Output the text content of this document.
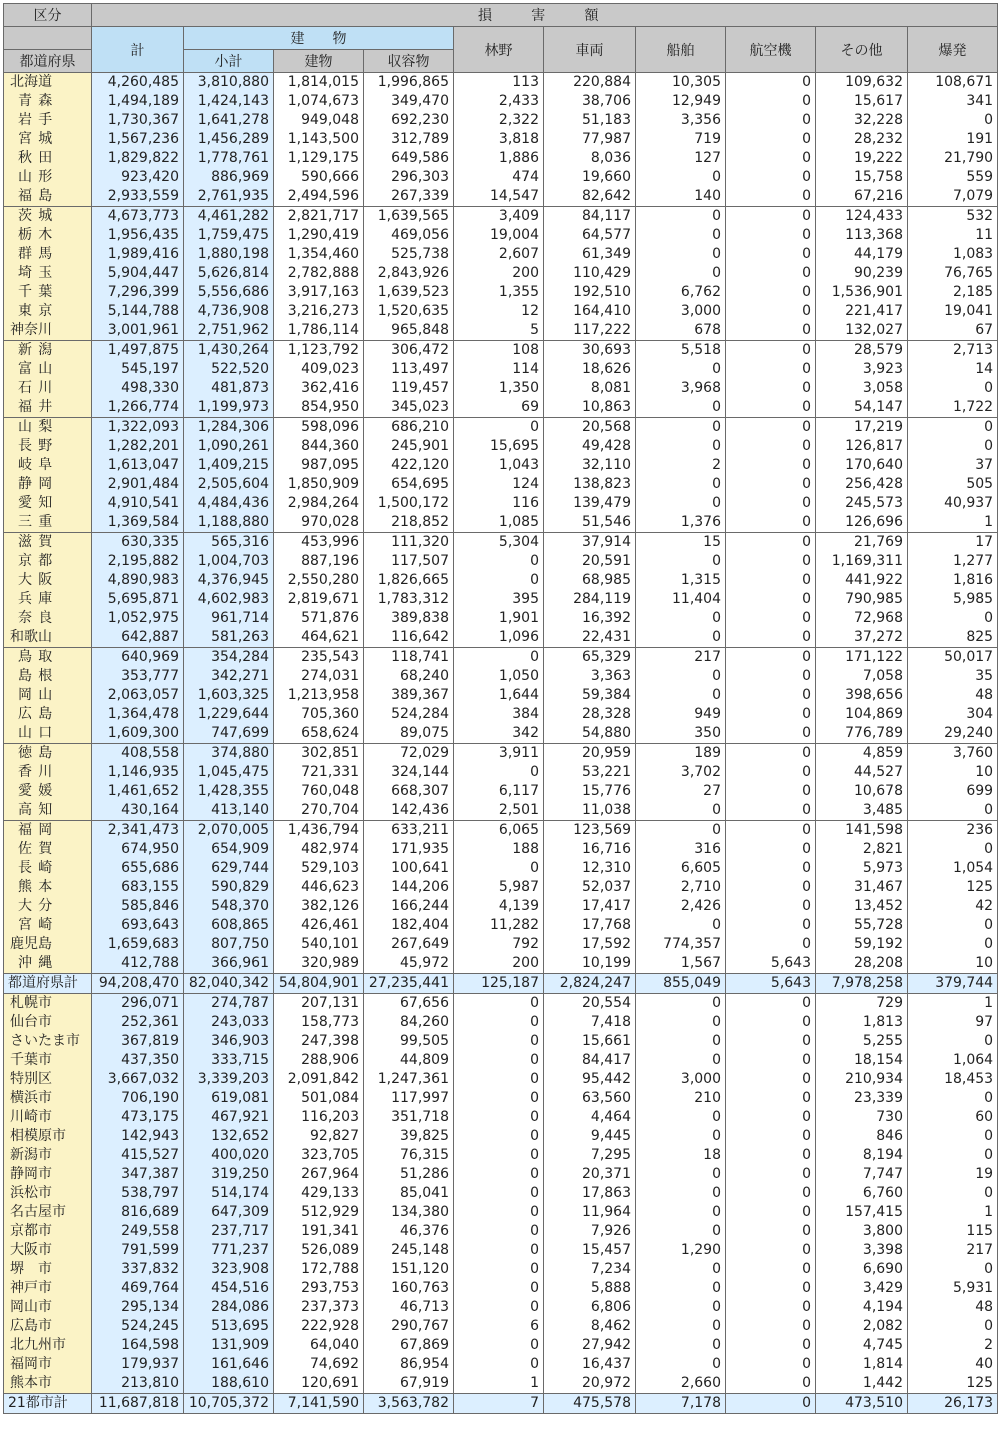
区分	損　害　額									
	計	建　　物			林野	車両	船舶	航空機	その他	爆発
都道府県		小計	建物	収容物						
北海道	4,260,485	3,810,880	1,814,015	1,996,865	113	220,884	10,305	0	109,632	108,671
青森	1,494,189	1,424,143	1,074,673	349,470	2,433	38,706	12,949	0	15,617	341
岩手	1,730,367	1,641,278	949,048	692,230	2,322	51,183	3,356	0	32,228	0
宮城	1,567,236	1,456,289	1,143,500	312,789	3,818	77,987	719	0	28,232	191
秋田	1,829,822	1,778,761	1,129,175	649,586	1,886	8,036	127	0	19,222	21,790
山形	923,420	886,969	590,666	296,303	474	19,660	0	0	15,758	559
福島	2,933,559	2,761,935	2,494,596	267,339	14,547	82,642	140	0	67,216	7,079
茨城	4,673,773	4,461,282	2,821,717	1,639,565	3,409	84,117	0	0	124,433	532
栃木	1,956,435	1,759,475	1,290,419	469,056	19,004	64,577	0	0	113,368	11
群馬	1,989,416	1,880,198	1,354,460	525,738	2,607	61,349	0	0	44,179	1,083
埼玉	5,904,447	5,626,814	2,782,888	2,843,926	200	110,429	0	0	90,239	76,765
千葉	7,296,399	5,556,686	3,917,163	1,639,523	1,355	192,510	6,762	0	1,536,901	2,185
東京	5,144,788	4,736,908	3,216,273	1,520,635	12	164,410	3,000	0	221,417	19,041
神奈川	3,001,961	2,751,962	1,786,114	965,848	5	117,222	678	0	132,027	67
新潟	1,497,875	1,430,264	1,123,792	306,472	108	30,693	5,518	0	28,579	2,713
富山	545,197	522,520	409,023	113,497	114	18,626	0	0	3,923	14
石川	498,330	481,873	362,416	119,457	1,350	8,081	3,968	0	3,058	0
福井	1,266,774	1,199,973	854,950	345,023	69	10,863	0	0	54,147	1,722
山梨	1,322,093	1,284,306	598,096	686,210	0	20,568	0	0	17,219	0
長野	1,282,201	1,090,261	844,360	245,901	15,695	49,428	0	0	126,817	0
岐阜	1,613,047	1,409,215	987,095	422,120	1,043	32,110	2	0	170,640	37
静岡	2,901,484	2,505,604	1,850,909	654,695	124	138,823	0	0	256,428	505
愛知	4,910,541	4,484,436	2,984,264	1,500,172	116	139,479	0	0	245,573	40,937
三重	1,369,584	1,188,880	970,028	218,852	1,085	51,546	1,376	0	126,696	1
滋賀	630,335	565,316	453,996	111,320	5,304	37,914	15	0	21,769	17
京都	2,195,882	1,004,703	887,196	117,507	0	20,591	0	0	1,169,311	1,277
大阪	4,890,983	4,376,945	2,550,280	1,826,665	0	68,985	1,315	0	441,922	1,816
兵庫	5,695,871	4,602,983	2,819,671	1,783,312	395	284,119	11,404	0	790,985	5,985
奈良	1,052,975	961,714	571,876	389,838	1,901	16,392	0	0	72,968	0
和歌山	642,887	581,263	464,621	116,642	1,096	22,431	0	0	37,272	825
鳥取	640,969	354,284	235,543	118,741	0	65,329	217	0	171,122	50,017
島根	353,777	342,271	274,031	68,240	1,050	3,363	0	0	7,058	35
岡山	2,063,057	1,603,325	1,213,958	389,367	1,644	59,384	0	0	398,656	48
広島	1,364,478	1,229,644	705,360	524,284	384	28,328	949	0	104,869	304
山口	1,609,300	747,699	658,624	89,075	342	54,880	350	0	776,789	29,240
徳島	408,558	374,880	302,851	72,029	3,911	20,959	189	0	4,859	3,760
香川	1,146,935	1,045,475	721,331	324,144	0	53,221	3,702	0	44,527	10
愛媛	1,461,652	1,428,355	760,048	668,307	6,117	15,776	27	0	10,678	699
高知	430,164	413,140	270,704	142,436	2,501	11,038	0	0	3,485	0
福岡	2,341,473	2,070,005	1,436,794	633,211	6,065	123,569	0	0	141,598	236
佐賀	674,950	654,909	482,974	171,935	188	16,716	316	0	2,821	0
長崎	655,686	629,744	529,103	100,641	0	12,310	6,605	0	5,973	1,054
熊本	683,155	590,829	446,623	144,206	5,987	52,037	2,710	0	31,467	125
大分	585,846	548,370	382,126	166,244	4,139	17,417	2,426	0	13,452	42
宮崎	693,643	608,865	426,461	182,404	11,282	17,768	0	0	55,728	0
鹿児島	1,659,683	807,750	540,101	267,649	792	17,592	774,357	0	59,192	0
沖縄	412,788	366,961	320,989	45,972	200	10,199	1,567	5,643	28,208	10
都道府県計	94,208,470	82,040,342	54,804,901	27,235,441	125,187	2,824,247	855,049	5,643	7,978,258	379,744
札幌市	296,071	274,787	207,131	67,656	0	20,554	0	0	729	1
仙台市	252,361	243,033	158,773	84,260	0	7,418	0	0	1,813	97
さいたま市	367,819	346,903	247,398	99,505	0	15,661	0	0	5,255	0
千葉市	437,350	333,715	288,906	44,809	0	84,417	0	0	18,154	1,064
特別区	3,667,032	3,339,203	2,091,842	1,247,361	0	95,442	3,000	0	210,934	18,453
横浜市	706,190	619,081	501,084	117,997	0	63,560	210	0	23,339	0
川崎市	473,175	467,921	116,203	351,718	0	4,464	0	0	730	60
相模原市	142,943	132,652	92,827	39,825	0	9,445	0	0	846	0
新潟市	415,527	400,020	323,705	76,315	0	7,295	18	0	8,194	0
静岡市	347,387	319,250	267,964	51,286	0	20,371	0	0	7,747	19
浜松市	538,797	514,174	429,133	85,041	0	17,863	0	0	6,760	0
名古屋市	816,689	647,309	512,929	134,380	0	11,964	0	0	157,415	1
京都市	249,558	237,717	191,341	46,376	0	7,926	0	0	3,800	115
大阪市	791,599	771,237	526,089	245,148	0	15,457	1,290	0	3,398	217
堺　市	337,832	323,908	172,788	151,120	0	7,234	0	0	6,690	0
神戸市	469,764	454,516	293,753	160,763	0	5,888	0	0	3,429	5,931
岡山市	295,134	284,086	237,373	46,713	0	6,806	0	0	4,194	48
広島市	524,245	513,695	222,928	290,767	6	8,462	0	0	2,082	0
北九州市	164,598	131,909	64,040	67,869	0	27,942	0	0	4,745	2
福岡市	179,937	161,646	74,692	86,954	0	16,437	0	0	1,814	40
熊本市	213,810	188,610	120,691	67,919	1	20,972	2,660	0	1,442	125
21都市計	11,687,818	10,705,372	7,141,590	3,563,782	7	475,578	7,178	0	473,510	26,173
